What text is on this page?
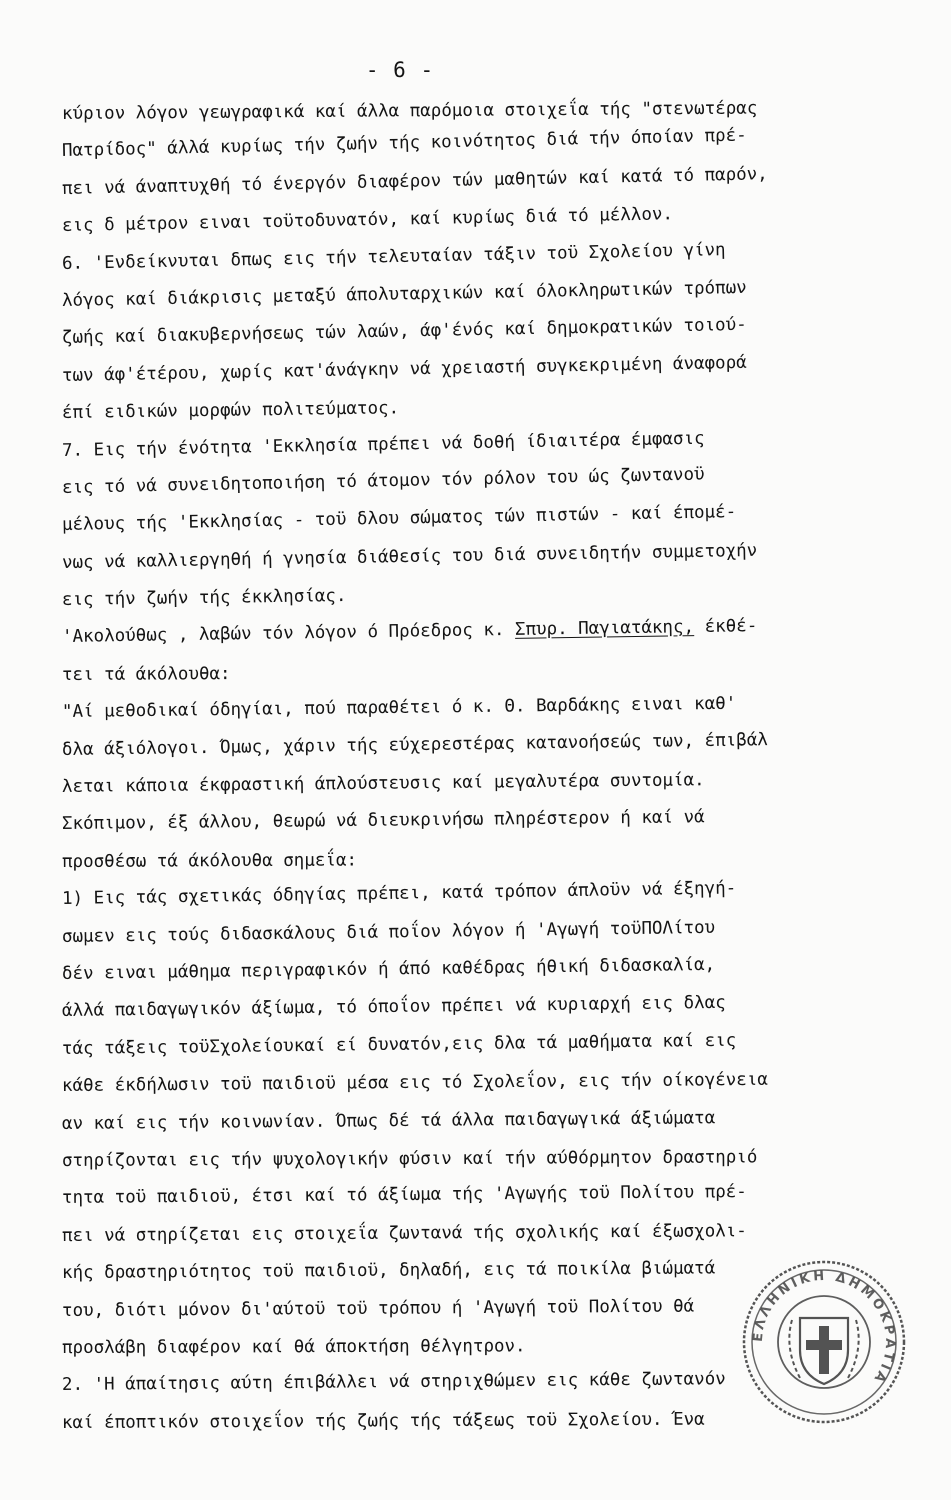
- 6 -
κύριον λόγον γεωγραφικά καί άλλα παρόμοια στοιχεΐα τής "στενωτέρας
Πατρίδος" άλλά κυρίως τήν ζωήν τής κοινότητος διά τήν όποίαν πρέ-
πει νά άναπτυχθή τό ένεργόν διαφέρον τών μαθητών καί κατά τό παρόν,
εις δ μέτρον ειναι τοϋτοδυνατόν, καί κυρίως διά τό μέλλον.
6. 'Ενδείκνυται δπως εις τήν τελευταίαν τάξιν τοϋ Σχολείου γίνη
λόγος καί διάκρισις μεταξύ άπολυταρχικών καί όλοκληρωτικών τρόπων
ζωής καί διακυβερνήσεως τών λαών, άφ'ένός καί δημοκρατικών τοιού-
των άφ'έτέρου, χωρίς κατ'άνάγκην νά χρειαστή συγκεκριμένη άναφορά
έπί ειδικών μορφών πολιτεύματος.
7. Εις τήν ένότητα 'Εκκλησία πρέπει νά δοθή ίδιαιτέρα έμφασις
εις τό νά συνειδητοποιήση τό άτομον τόν ρόλον του ώς ζωντανοϋ
μέλους τής 'Εκκλησίας - τοϋ δλου σώματος τών πιστών - καί έπομέ-
νως νά καλλιεργηθή ή γνησία διάθεσίς του διά συνειδητήν συμμετοχήν
εις τήν ζωήν τής έκκλησίας.
'Ακολούθως , λαβών τόν λόγον ό Πρόεδρος κ. Σπυρ. Παγιατάκης, έκθέ-
τει τά άκόλουθα:
"Αί μεθοδικαί όδηγίαι, πού παραθέτει ό κ. Θ. Βαρδάκης ειναι καθ'
δλα άξιόλογοι. Όμως, χάριν τής εύχερεστέρας κατανοήσεώς των, έπιβάλ
λεται κάποια έκφραστική άπλούστευσις καί μεγαλυτέρα συντομία.
Σκόπιμον, έξ άλλου, θεωρώ νά διευκρινήσω πληρέστερον ή καί νά
προσθέσω τά άκόλουθα σημεΐα:
1) Εις τάς σχετικάς όδηγίας πρέπει, κατά τρόπον άπλοϋν νά έξηγή-
σωμεν εις τούς διδασκάλους διά ποΐον λόγον ή 'Αγωγή τοϋΠΟΛίτου
δέν ειναι μάθημα περιγραφικόν ή άπό καθέδρας ήθική διδασκαλία,
άλλά παιδαγωγικόν άξίωμα, τό όποΐον πρέπει νά κυριαρχή εις δλας
τάς τάξεις τοϋΣχολείουκαί εί δυνατόν,εις δλα τά μαθήματα καί εις
κάθε έκδήλωσιν τοϋ παιδιοϋ μέσα εις τό Σχολεΐον, εις τήν οίκογένεια
αν καί εις τήν κοινωνίαν. Όπως δέ τά άλλα παιδαγωγικά άξιώματα
στηρίζονται εις τήν ψυχολογικήν φύσιν καί τήν αύθόρμητον δραστηριό
τητα τοϋ παιδιοϋ, έτσι καί τό άξίωμα τής 'Αγωγής τοϋ Πολίτου πρέ-
πει νά στηρίζεται εις στοιχεΐα ζωντανά τής σχολικής καί έξωσχολι-
κής δραστηριότητος τοϋ παιδιοϋ, δηλαδή, εις τά ποικίλα βιώματά
του, διότι μόνον δι'αύτοϋ τοϋ τρόπου ή 'Αγωγή τοϋ Πολίτου θά
προσλάβη διαφέρον καί θά άποκτήση θέλγητρον.
2. 'Η άπαίτησις αύτη έπιβάλλει νά στηριχθώμεν εις κάθε ζωντανόν
καί έποπτικόν στοιχεΐον τής ζωής τής τάξεως τοϋ Σχολείου. Ένα
ΕΛΛΗΝΙΚΗ ΔΗΜΟΚΡΑΤΙΑ
